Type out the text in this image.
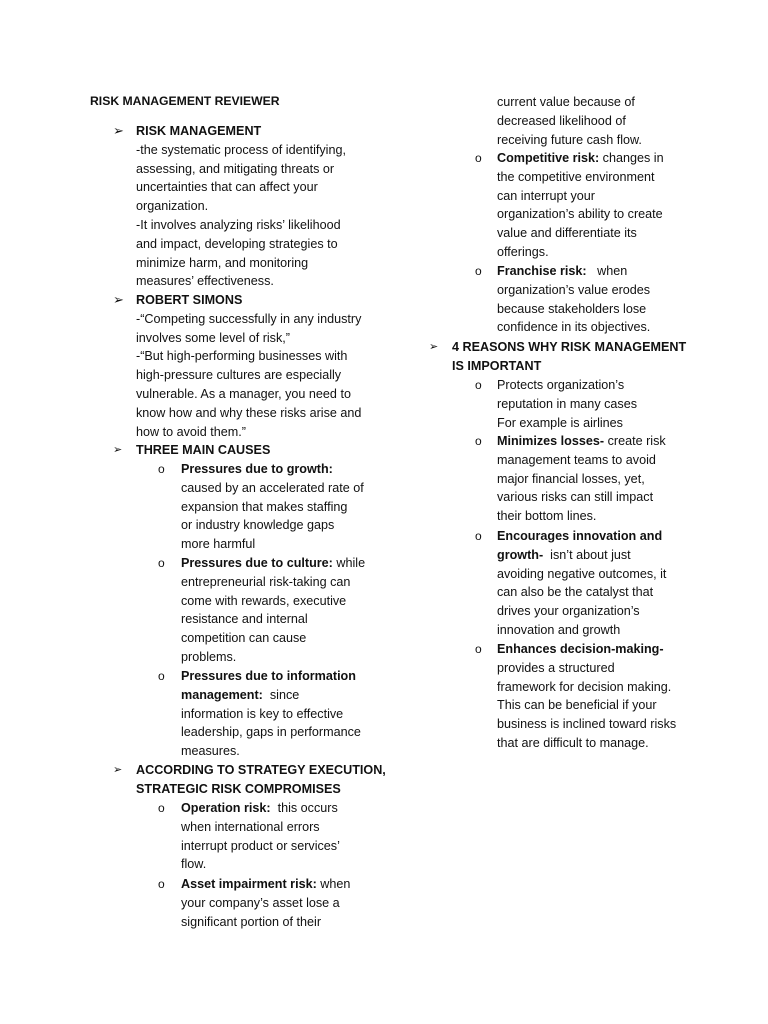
RISK MANAGEMENT REVIEWER
➢ RISK MANAGEMENT
-the systematic process of identifying,
assessing, and mitigating threats or
uncertainties that can affect your
organization.
-It involves analyzing risks’ likelihood
and impact, developing strategies to
minimize harm, and monitoring
measures’ effectiveness.
➢ ROBERT SIMONS
-“Competing successfully in any industry
involves some level of risk,”
-“But high-performing businesses with
high-pressure cultures are especially
vulnerable. As a manager, you need to
know how and why these risks arise and
how to avoid them.”
➢ THREE MAIN CAUSES
o Pressures due to growth:
caused by an accelerated rate of
expansion that makes staffing
or industry knowledge gaps
more harmful
o Pressures due to culture: while
entrepreneurial risk-taking can
come with rewards, executive
resistance and internal
competition can cause
problems.
o Pressures due to information
management:  since
information is key to effective
leadership, gaps in performance
measures.
➢ ACCORDING TO STRATEGY EXECUTION,
STRATEGIC RISK COMPROMISES
o Operation risk:  this occurs
when international errors
interrupt product or services’
flow.
o Asset impairment risk: when
your company’s asset lose a
significant portion of their
current value because of
decreased likelihood of
receiving future cash flow.
o Competitive risk: changes in
the competitive environment
can interrupt your
organization’s ability to create
value and differentiate its
offerings.
o Franchise risk:   when
organization’s value erodes
because stakeholders lose
confidence in its objectives.
➢ 4 REASONS WHY RISK MANAGEMENT
IS IMPORTANT
o Protects organization’s
reputation in many cases
For example is airlines
o Minimizes losses- create risk
management teams to avoid
major financial losses, yet,
various risks can still impact
their bottom lines.
o Encourages innovation and
growth-  isn’t about just
avoiding negative outcomes, it
can also be the catalyst that
drives your organization’s
innovation and growth
o Enhances decision-making-
provides a structured
framework for decision making.
This can be beneficial if your
business is inclined toward risks
that are difficult to manage.
